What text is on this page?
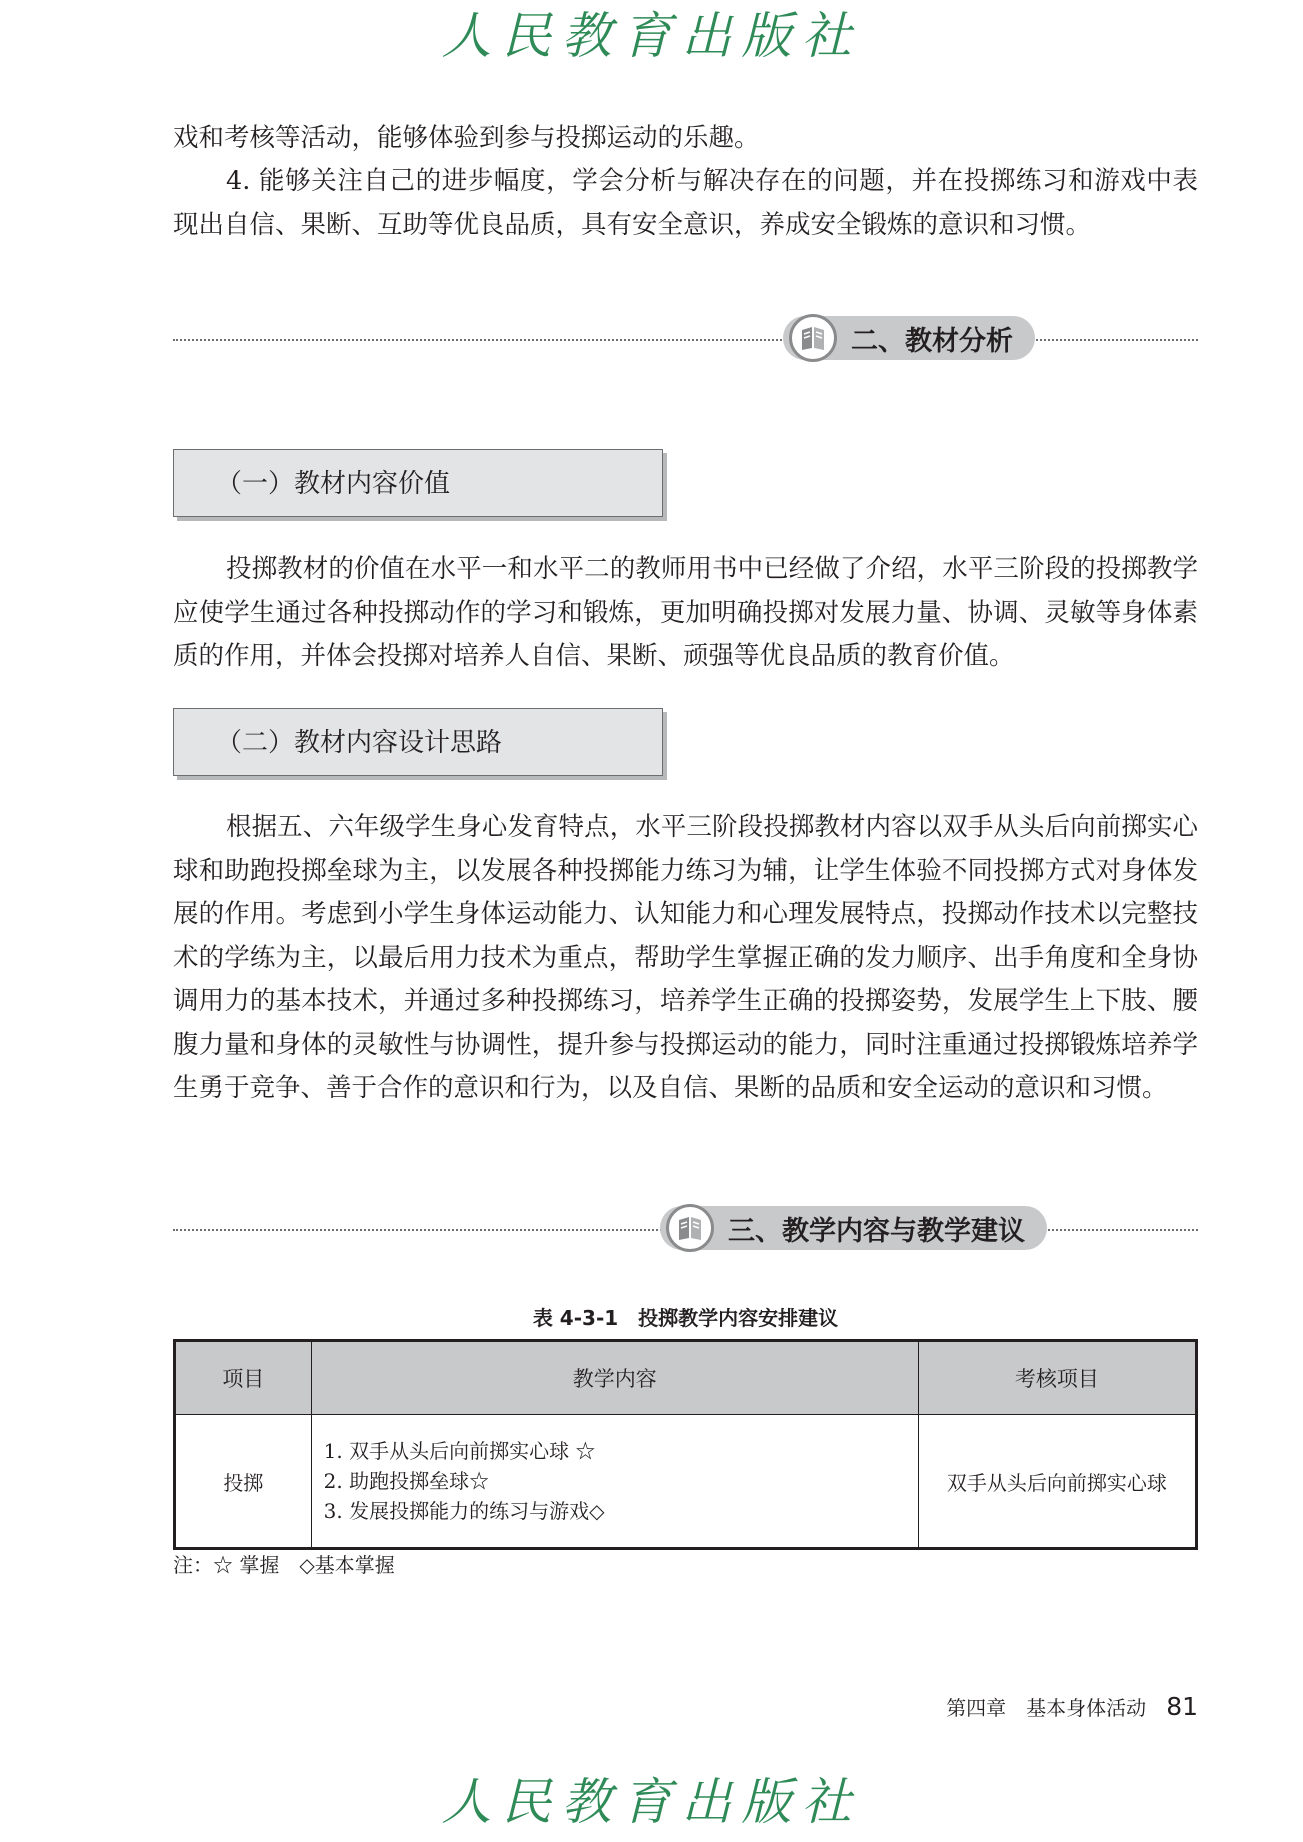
人民教育出版社

戏和考核等活动，能够体验到参与投掷运动的乐趣。

4. 能够关注自己的进步幅度，学会分析与解决存在的问题，并在投掷练习和游戏中表现出自信、果断、互助等优良品质，具有安全意识，养成安全锻炼的意识和习惯。

二、教材分析
（一）教材内容价值

投掷教材的价值在水平一和水平二的教师用书中已经做了介绍，水平三阶段的投掷教学应使学生通过各种投掷动作的学习和锻炼，更加明确投掷对发展力量、协调、灵敏等身体素质的作用，并体会投掷对培养人自信、果断、顽强等优良品质的教育价值。

（二）教材内容设计思路

根据五、六年级学生身心发育特点，水平三阶段投掷教材内容以双手从头后向前掷实心球和助跑投掷垒球为主，以发展各种投掷能力练习为辅，让学生体验不同投掷方式对身体发展的作用。考虑到小学生身体运动能力、认知能力和心理发展特点，投掷动作技术以完整技术的学练为主，以最后用力技术为重点，帮助学生掌握正确的发力顺序、出手角度和全身协调用力的基本技术，并通过多种投掷练习，培养学生正确的投掷姿势，发展学生上下肢、腰腹力量和身体的灵敏性与协调性，提升参与投掷运动的能力，同时注重通过投掷锻炼培养学生勇于竞争、善于合作的意识和行为，以及自信、果断的品质和安全运动的意识和习惯。

三、教学内容与教学建议
表 4-3-1　投掷教学内容安排建议
项目	教学内容	考核项目
投掷	1. 双手从头后向前掷实心球 ☆
2. 助跑投掷垒球☆
3. 发展投掷能力的练习与游戏◇	双手从头后向前掷实心球
注：☆ 掌握　◇基本掌握
第四章　基本身体活动 81
人民教育出版社
